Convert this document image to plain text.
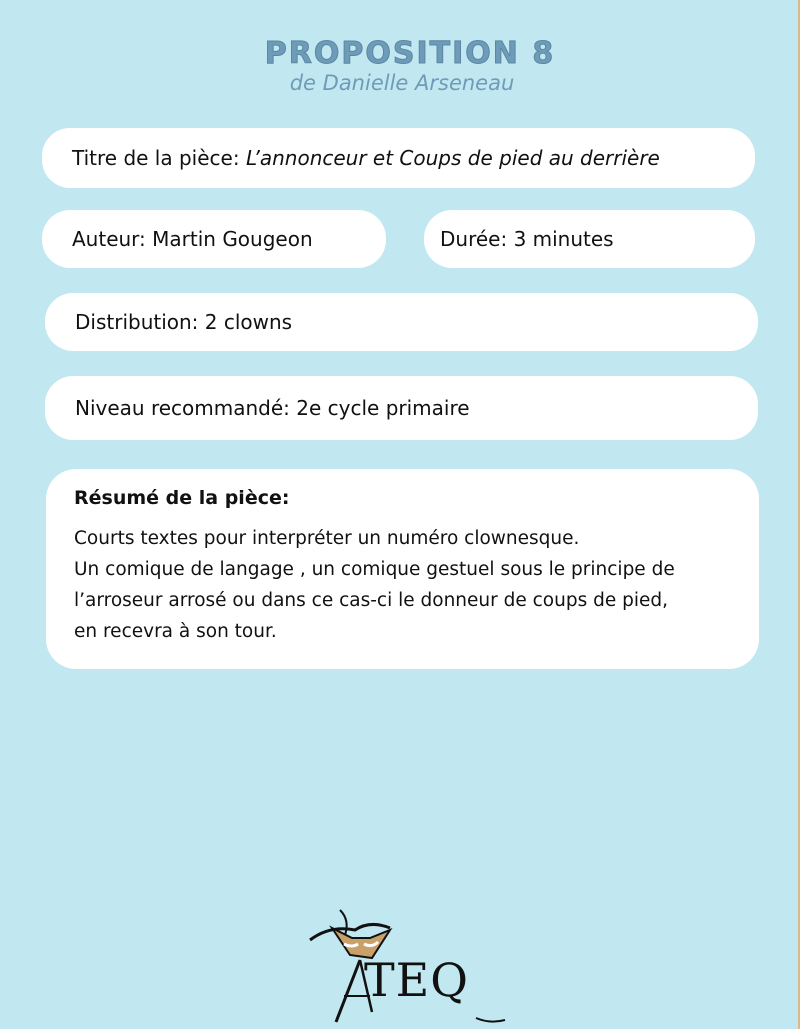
PROPOSITION 8
de Danielle Arseneau
Titre de la pièce: L’annonceur et Coups de pied au derrière
Auteur: Martin Gougeon	Durée: 3 minutes
Distribution: 2 clowns
Niveau recommandé: 2e cycle primaire
Résumé de la pièce:
Courts textes pour interpréter un numéro clownesque.
Un comique de langage , un comique gestuel sous le principe de
l’arroseur arrosé ou dans ce cas-ci le donneur de coups de pied,
en recevra à son tour.
TEQ
